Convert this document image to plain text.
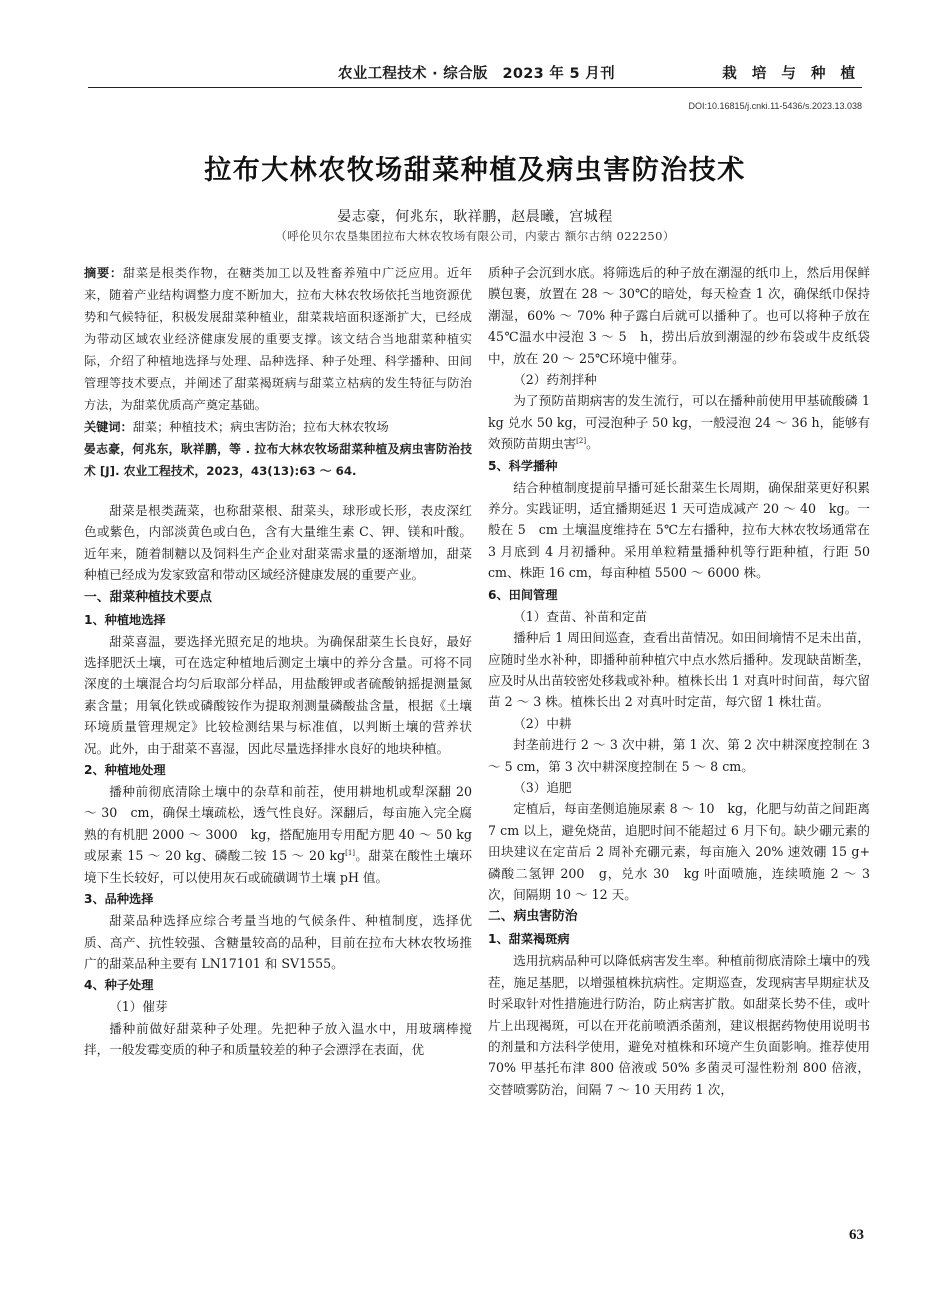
农业工程技术 · 综合版　2023 年 5 月刊	栽 培 与 种 植
DOI:10.16815/j.cnki.11-5436/s.2023.13.038
拉布大林农牧场甜菜种植及病虫害防治技术
晏志豪，何兆东，耿祥鹏，赵晨曦，宫城程
（呼伦贝尔农垦集团拉布大林农牧场有限公司，内蒙古 额尔古纳 022250）
摘要：甜菜是根类作物，在糖类加工以及牲畜养殖中广泛应用。近年来，随着产业结构调整力度不断加大，拉布大林农牧场依托当地资源优势和气候特征，积极发展甜菜种植业，甜菜栽培面积逐渐扩大，已经成为带动区域农业经济健康发展的重要支撑。该文结合当地甜菜种植实际，介绍了种植地选择与处理、品种选择、种子处理、科学播种、田间管理等技术要点，并阐述了甜菜褐斑病与甜菜立枯病的发生特征与防治方法，为甜菜优质高产奠定基础。
关键词：甜菜；种植技术；病虫害防治；拉布大林农牧场
晏志豪，何兆东，耿祥鹏，等 . 拉布大林农牧场甜菜种植及病虫害防治技术 [J]. 农业工程技术，2023，43(13):63 ～ 64.

甜菜是根类蔬菜，也称甜菜根、甜菜头，球形或长形，表皮深红色或紫色，内部淡黄色或白色，含有大量维生素 C、钾、镁和叶酸。近年来，随着制糖以及饲料生产企业对甜菜需求量的逐渐增加，甜菜种植已经成为发家致富和带动区域经济健康发展的重要产业。

一、甜菜种植技术要点
1、种植地选择

甜菜喜温，要选择光照充足的地块。为确保甜菜生长良好，最好选择肥沃土壤，可在选定种植地后测定土壤中的养分含量。可将不同深度的土壤混合均匀后取部分样品，用盐酸钾或者硫酸钠摇提测量氮素含量；用氧化铁或磷酸铵作为提取剂测量磷酸盐含量，根据《土壤环境质量管理规定》比较检测结果与标准值，以判断土壤的营养状况。此外，由于甜菜不喜湿，因此尽量选择排水良好的地块种植。

2、种植地处理

播种前彻底清除土壤中的杂草和前茬，使用耕地机或犁深翻 20 ～ 30　cm，确保土壤疏松，透气性良好。深翻后，每亩施入完全腐熟的有机肥 2000 ～ 3000　kg，搭配施用专用配方肥 40 ～ 50 kg 或尿素 15 ～ 20 kg、磷酸二铵 15 ～ 20 kg[1]。甜菜在酸性土壤环境下生长较好，可以使用灰石或硫磺调节土壤 pH 值。

3、品种选择

甜菜品种选择应综合考量当地的气候条件、种植制度，选择优质、高产、抗性较强、含糖量较高的品种，目前在拉布大林农牧场推广的甜菜品种主要有 LN17101 和 SV1555。

4、种子处理
（1）催芽

播种前做好甜菜种子处理。先把种子放入温水中，用玻璃棒搅拌，一般发霉变质的种子和质量较差的种子会漂浮在表面，优

质种子会沉到水底。将筛选后的种子放在潮湿的纸巾上，然后用保鲜膜包裹，放置在 28 ～ 30℃的暗处，每天检查 1 次，确保纸巾保持潮湿，60% ～ 70% 种子露白后就可以播种了。也可以将种子放在 45℃温水中浸泡 3 ～ 5　h，捞出后放到潮湿的纱布袋或牛皮纸袋中，放在 20 ～ 25℃环境中催芽。

（2）药剂拌种

为了预防苗期病害的发生流行，可以在播种前使用甲基硫酸磷 1 kg 兑水 50 kg，可浸泡种子 50 kg，一般浸泡 24 ～ 36 h，能够有效预防苗期虫害[2]。

5、科学播种

结合种植制度提前早播可延长甜菜生长周期，确保甜菜更好积累养分。实践证明，适宜播期延迟 1 天可造成减产 20 ～ 40　kg。一般在 5　cm 土壤温度维持在 5℃左右播种，拉布大林农牧场通常在 3 月底到 4 月初播种。采用单粒精量播种机等行距种植，行距 50 cm、株距 16 cm，每亩种植 5500 ～ 6000 株。

6、田间管理
（1）查苗、补苗和定苗

播种后 1 周田间巡查，查看出苗情况。如田间墒情不足未出苗，应随时坐水补种，即播种前种植穴中点水然后播种。发现缺苗断垄，应及时从出苗较密处移栽或补种。植株长出 1 对真叶时间苗，每穴留苗 2 ～ 3 株。植株长出 2 对真叶时定苗，每穴留 1 株壮苗。

（2）中耕

封垄前进行 2 ～ 3 次中耕，第 1 次、第 2 次中耕深度控制在 3 ～ 5 cm，第 3 次中耕深度控制在 5 ～ 8 cm。

（3）追肥

定植后，每亩垄侧追施尿素 8 ～ 10　kg，化肥与幼苗之间距离 7 cm 以上，避免烧苗，追肥时间不能超过 6 月下旬。缺少硼元素的田块建议在定苗后 2 周补充硼元素，每亩施入 20% 速效硼 15 g+ 磷酸二氢钾 200　g，兑水 30　kg 叶面喷施，连续喷施 2 ～ 3 次，间隔期 10 ～ 12 天。

二、病虫害防治
1、甜菜褐斑病

选用抗病品种可以降低病害发生率。种植前彻底清除土壤中的残茬，施足基肥，以增强植株抗病性。定期巡查，发现病害早期症状及时采取针对性措施进行防治，防止病害扩散。如甜菜长势不佳，或叶片上出现褐斑，可以在开花前喷洒杀菌剂，建议根据药物使用说明书的剂量和方法科学使用，避免对植株和环境产生负面影响。推荐使用 70% 甲基托布津 800 倍液或 50% 多菌灵可湿性粉剂 800 倍液，交替喷雾防治，间隔 7 ～ 10 天用药 1 次，

63
